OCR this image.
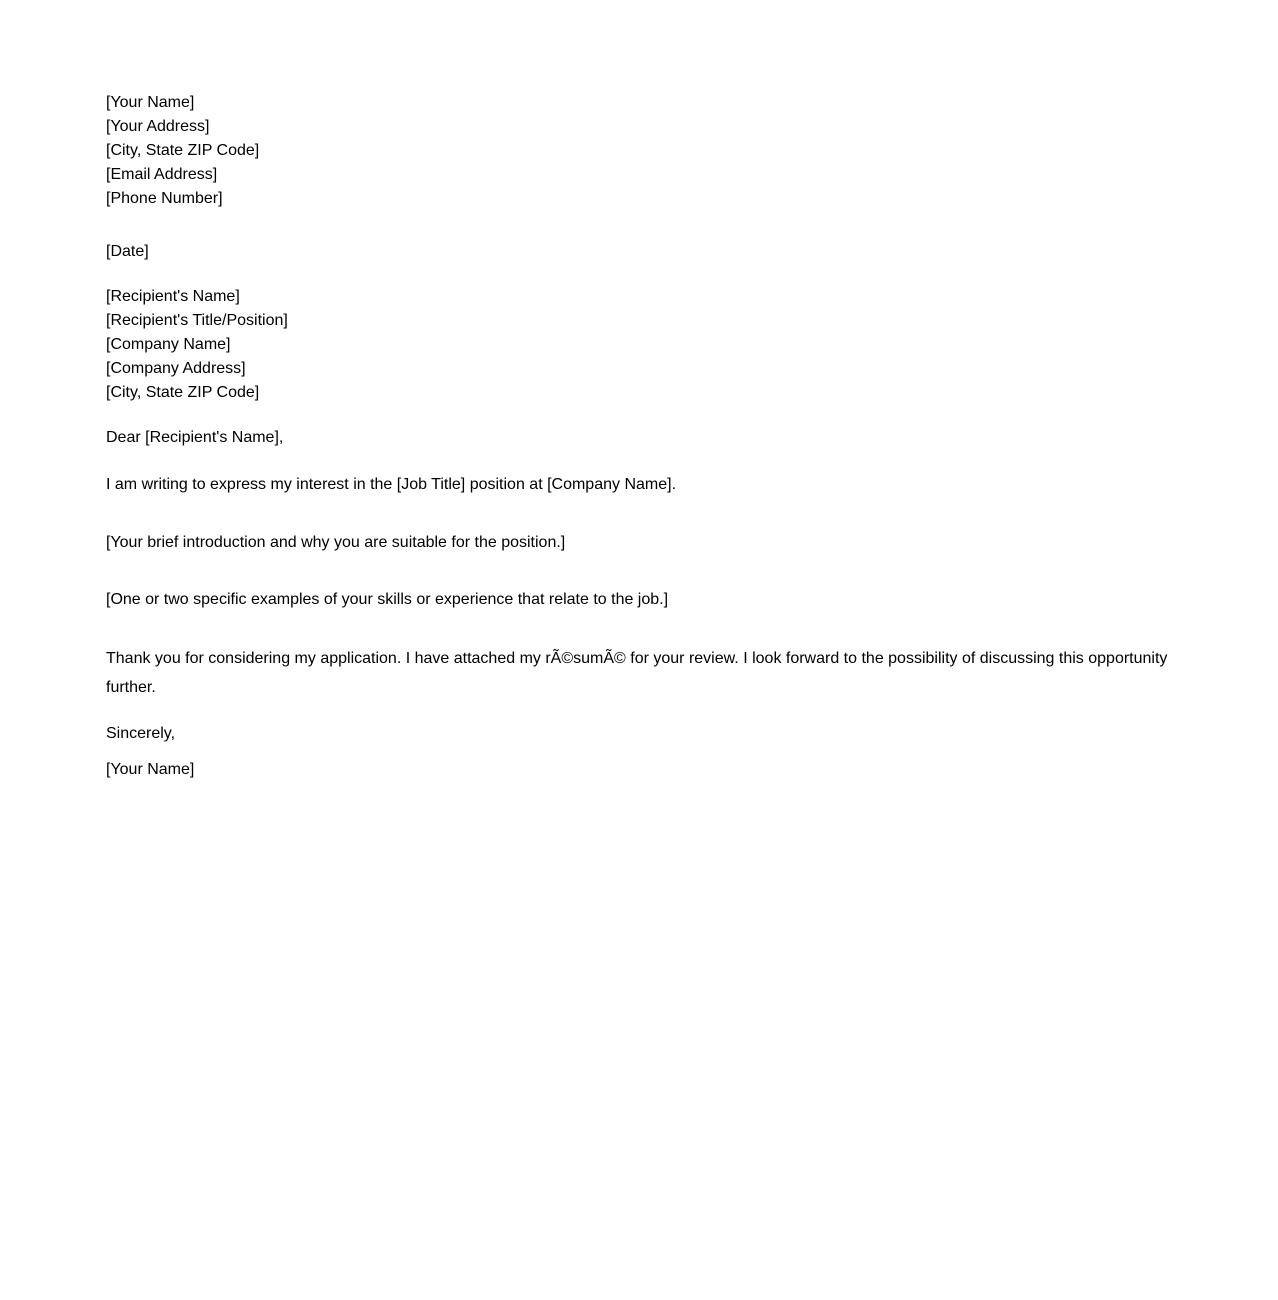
[Your Name]
[Your Address]
[City, State ZIP Code]
[Email Address]
[Phone Number]
[Date]
[Recipient's Name]
[Recipient's Title/Position]
[Company Name]
[Company Address]
[City, State ZIP Code]
Dear [Recipient's Name],
I am writing to express my interest in the [Job Title] position at [Company Name].
[Your brief introduction and why you are suitable for the position.]
[One or two specific examples of your skills or experience that relate to the job.]
Thank you for considering my application. I have attached my rÃ©sumÃ© for your review. I look forward to the possibility of discussing this opportunity further.
Sincerely,
[Your Name]
